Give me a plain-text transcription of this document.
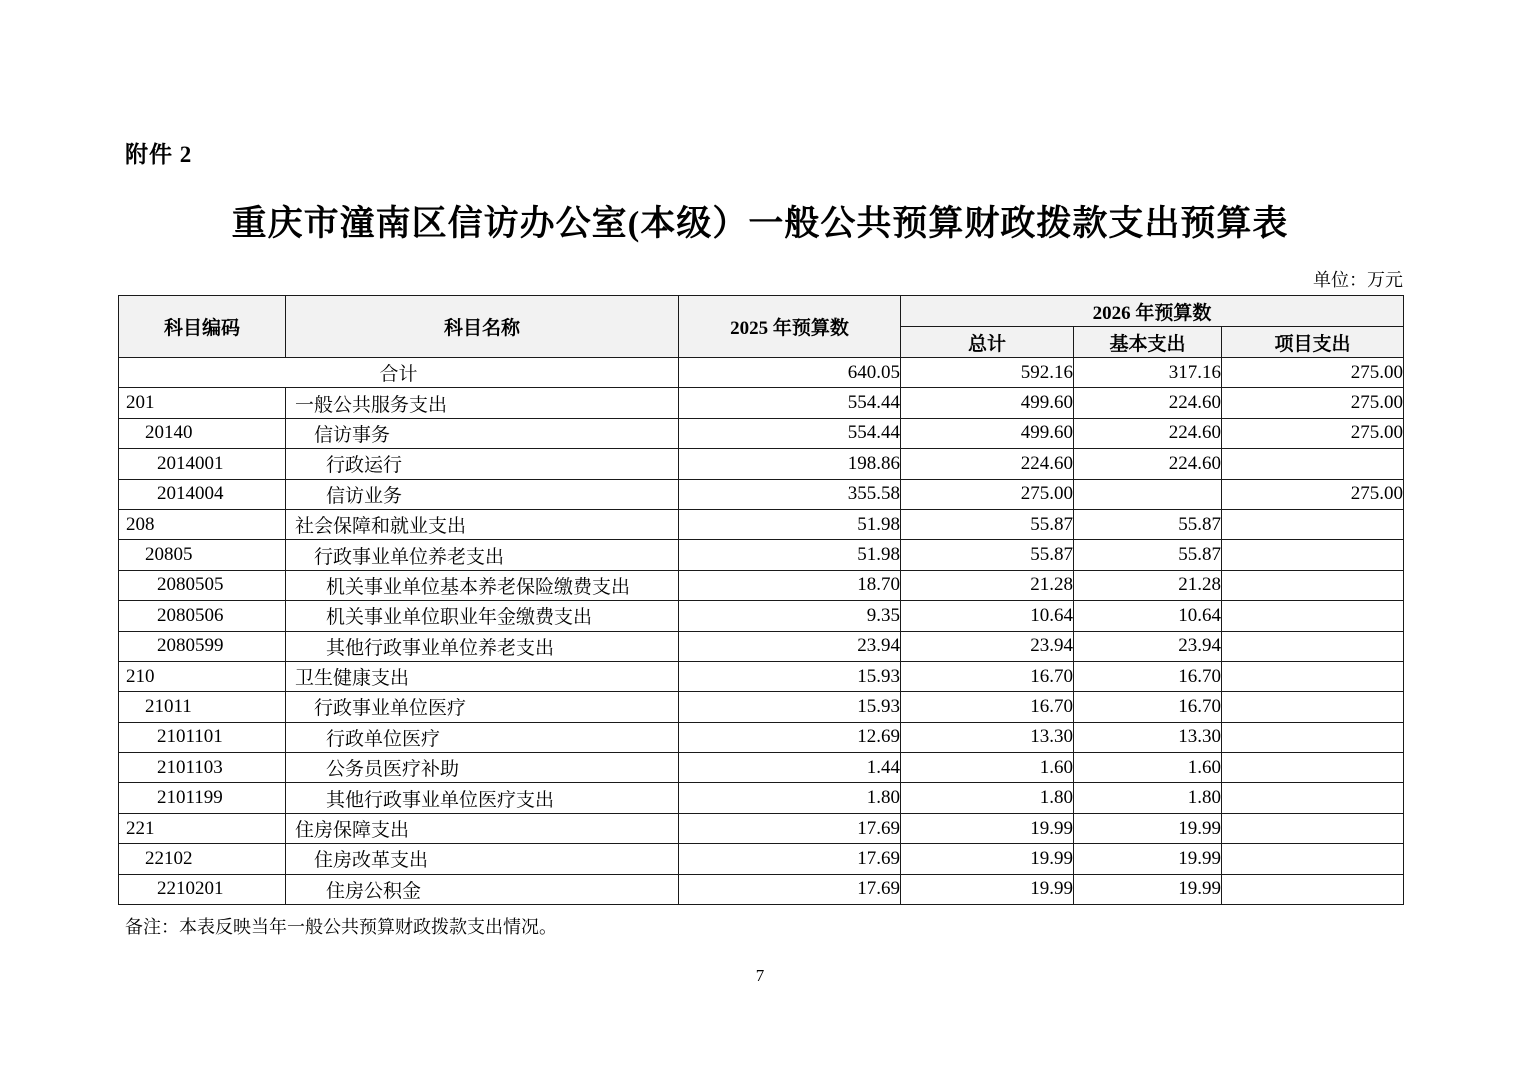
附件 2
重庆市潼南区信访办公室(本级）一般公共预算财政拨款支出预算表
单位：万元
科目编码	科目名称	2025 年预算数	2026 年预算数		
			总计	基本支出	项目支出
合计		640.05	592.16	317.16	275.00
201	一般公共服务支出	554.44	499.60	224.60	275.00
20140	信访事务	554.44	499.60	224.60	275.00
2014001	行政运行	198.86	224.60	224.60	
2014004	信访业务	355.58	275.00		275.00
208	社会保障和就业支出	51.98	55.87	55.87	
20805	行政事业单位养老支出	51.98	55.87	55.87	
2080505	机关事业单位基本养老保险缴费支出	18.70	21.28	21.28	
2080506	机关事业单位职业年金缴费支出	9.35	10.64	10.64	
2080599	其他行政事业单位养老支出	23.94	23.94	23.94	
210	卫生健康支出	15.93	16.70	16.70	
21011	行政事业单位医疗	15.93	16.70	16.70	
2101101	行政单位医疗	12.69	13.30	13.30	
2101103	公务员医疗补助	1.44	1.60	1.60	
2101199	其他行政事业单位医疗支出	1.80	1.80	1.80	
221	住房保障支出	17.69	19.99	19.99	
22102	住房改革支出	17.69	19.99	19.99	
2210201	住房公积金	17.69	19.99	19.99	
备注：本表反映当年一般公共预算财政拨款支出情况。
7
